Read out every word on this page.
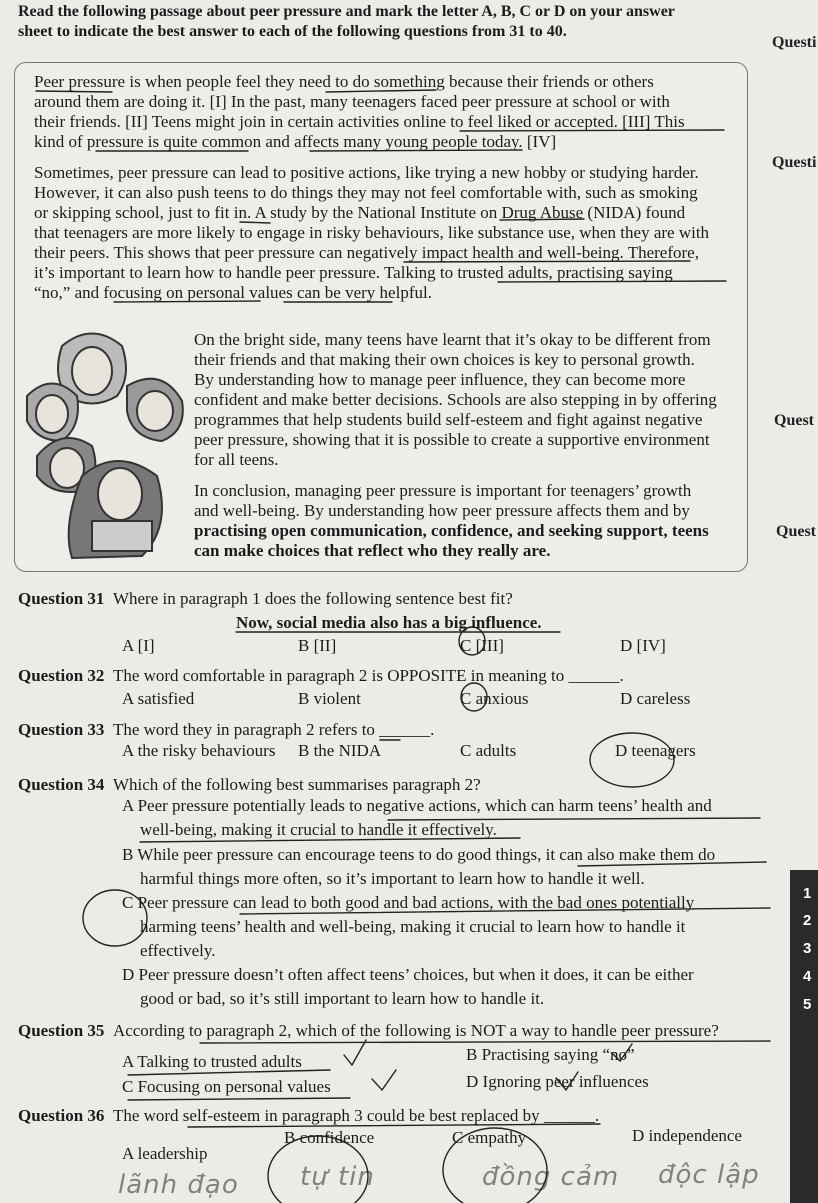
Read the following passage about peer pressure and mark the letter A, B, C or D on your answer
sheet to indicate the best answer to each of the following questions from 31 to 40.
Questi
Questi
Quest
Quest
1
2
3
4
5
Peer pressure is when people feel they need to do something because their friends or others
around them are doing it. [I] In the past, many teenagers faced peer pressure at school or with
their friends. [II] Teens might join in certain activities online to feel liked or accepted. [III] This
kind of pressure is quite common and affects many young people today. [IV]
Sometimes, peer pressure can lead to positive actions, like trying a new hobby or studying harder.
However, it can also push teens to do things they may not feel comfortable with, such as smoking
or skipping school, just to fit in. A study by the National Institute on Drug Abuse (NIDA) found
that teenagers are more likely to engage in risky behaviours, like substance use, when they are with
their peers. This shows that peer pressure can negatively impact health and well-being. Therefore,
it’s important to learn how to handle peer pressure. Talking to trusted adults, practising saying
“no,” and focusing on personal values can be very helpful.
On the bright side, many teens have learnt that it’s okay to be different from
their friends and that making their own choices is key to personal growth.
By understanding how to manage peer influence, they can become more
confident and make better decisions. Schools are also stepping in by offering
programmes that help students build self-esteem and fight against negative
peer pressure, showing that it is possible to create a supportive environment
for all teens.
In conclusion, managing peer pressure is important for teenagers’ growth
and well-being. By understanding how peer pressure affects them and by
practising open communication, confidence, and seeking support, teens
can make choices that reflect who they really are.
Question 31 Where in paragraph 1 does the following sentence best fit?
Now, social media also has a big influence.
A [I]	B [II]	C [III]	D [IV]
Question 32 The word comfortable in paragraph 2 is OPPOSITE in meaning to ______.
A satisfied	B violent	C anxious	D careless
Question 33 The word they in paragraph 2 refers to ______.
A the risky behaviours B the NIDA	C adults	D teenagers
Question 34 Which of the following best summarises paragraph 2?
A Peer pressure potentially leads to negative actions, which can harm teens’ health and
well-being, making it crucial to handle it effectively.
B While peer pressure can encourage teens to do good things, it can also make them do
harmful things more often, so it’s important to learn how to handle it well.
C Peer pressure can lead to both good and bad actions, with the bad ones potentially
harming teens’ health and well-being, making it crucial to learn how to handle it
effectively.
D Peer pressure doesn’t often affect teens’ choices, but when it does, it can be either
good or bad, so it’s still important to learn how to handle it.
Question 35 According to paragraph 2, which of the following is NOT a way to handle peer pressure?
A Talking to trusted adults	B Practising saying “no”
C Focusing on personal values	D Ignoring peer influences
Question 36 The word self-esteem in paragraph 3 could be best replaced by ______.
A leadership
B confidence	C empathy	D independence
lãnh đạo tự tin	đồng cảm độc lập
